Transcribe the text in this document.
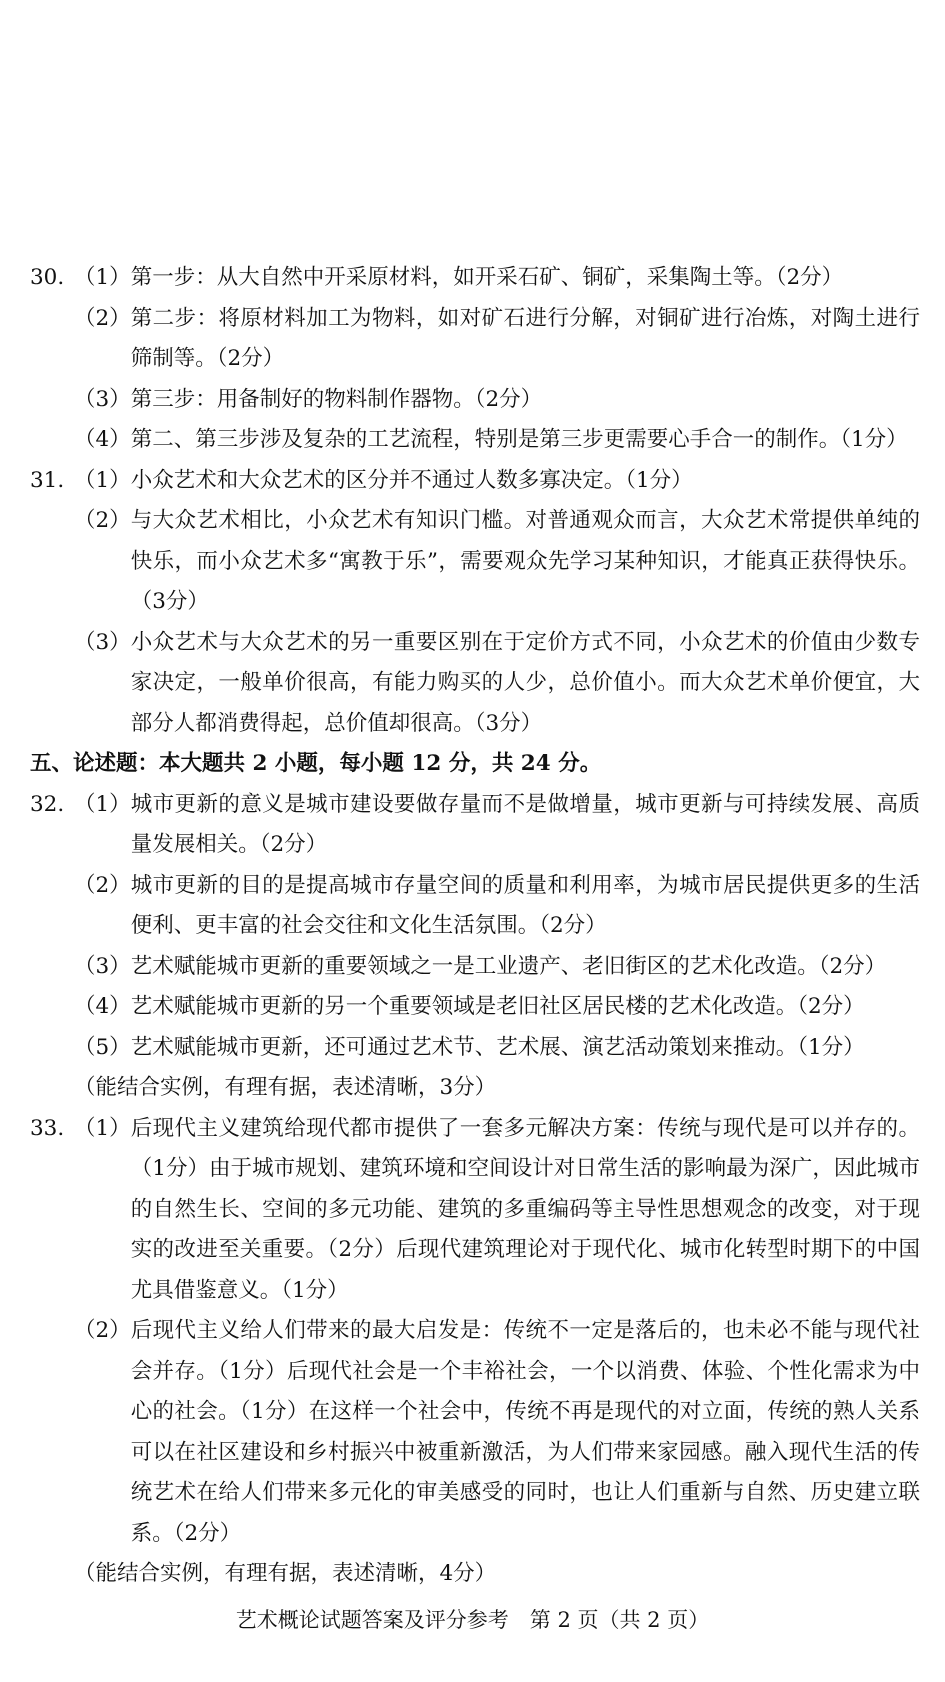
30. （1） 第一步：从大自然中开采原材料，如开采石矿、铜矿，采集陶土等。（2分）
（2） 第二步：将原材料加工为物料，如对矿石进行分解，对铜矿进行冶炼，对陶土进行筛制等。（2分）
（3） 第三步：用备制好的物料制作器物。（2分）
（4） 第二、第三步涉及复杂的工艺流程，特别是第三步更需要心手合一的制作。（1分）
31. （1） 小众艺术和大众艺术的区分并不通过人数多寡决定。（1分）
（2） 与大众艺术相比，小众艺术有知识门槛。对普通观众而言，大众艺术常提供单纯的快乐，而小众艺术多“寓教于乐”，需要观众先学习某种知识，才能真正获得快乐。（3分）
（3） 小众艺术与大众艺术的另一重要区别在于定价方式不同，小众艺术的价值由少数专家决定，一般单价很高，有能力购买的人少，总价值小。而大众艺术单价便宜，大部分人都消费得起，总价值却很高。（3分）
五、论述题：本大题共 2 小题，每小题 12 分，共 24 分。
32. （1） 城市更新的意义是城市建设要做存量而不是做增量，城市更新与可持续发展、高质量发展相关。（2分）
（2） 城市更新的目的是提高城市存量空间的质量和利用率，为城市居民提供更多的生活便利、更丰富的社会交往和文化生活氛围。（2分）
（3） 艺术赋能城市更新的重要领域之一是工业遗产、老旧街区的艺术化改造。（2分）
（4） 艺术赋能城市更新的另一个重要领域是老旧社区居民楼的艺术化改造。（2分）
（5） 艺术赋能城市更新，还可通过艺术节、艺术展、演艺活动策划来推动。（1分）
（能结合实例，有理有据，表述清晰，3分）
33. （1） 后现代主义建筑给现代都市提供了一套多元解决方案：传统与现代是可以并存的。（1分）由于城市规划、建筑环境和空间设计对日常生活的影响最为深广，因此城市的自然生长、空间的多元功能、建筑的多重编码等主导性思想观念的改变，对于现实的改进至关重要。（2分）后现代建筑理论对于现代化、城市化转型时期下的中国尤具借鉴意义。（1分）
（2） 后现代主义给人们带来的最大启发是：传统不一定是落后的，也未必不能与现代社会并存。（1分）后现代社会是一个丰裕社会，一个以消费、体验、个性化需求为中心的社会。（1分）在这样一个社会中，传统不再是现代的对立面，传统的熟人关系可以在社区建设和乡村振兴中被重新激活，为人们带来家园感。融入现代生活的传统艺术在给人们带来多元化的审美感受的同时，也让人们重新与自然、历史建立联系。（2分）
（能结合实例，有理有据，表述清晰，4分）
艺术概论试题答案及评分参考　第 2 页（共 2 页）
